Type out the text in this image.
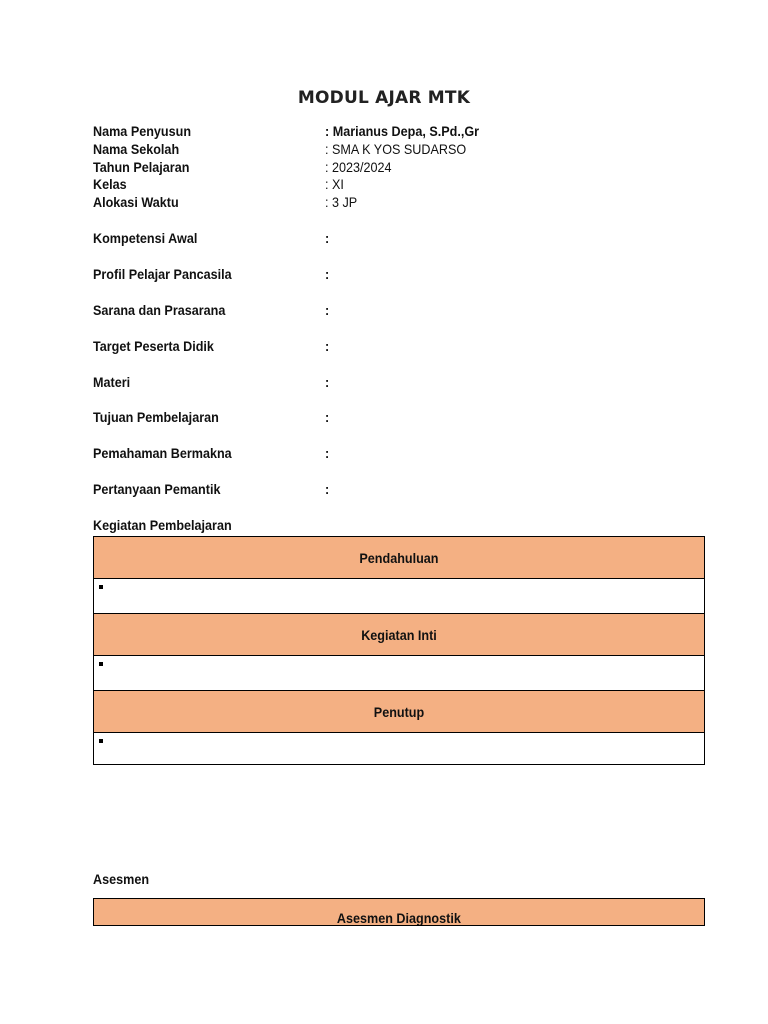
MODUL AJAR MTK
Nama Penyusun	: Marianus Depa, S.Pd.,Gr
Nama Sekolah	: SMA K YOS SUDARSO
Tahun Pelajaran	: 2023/2024
Kelas	: XI
Alokasi Waktu	: 3 JP
Kompetensi Awal	:
Profil Pelajar Pancasila	:
Sarana dan Prasarana	:
Target Peserta Didik	:
Materi	:
Tujuan Pembelajaran	:
Pemahaman Bermakna	:
Pertanyaan Pemantik	:
Kegiatan Pembelajaran
Pendahuluan
Kegiatan Inti
Penutup
Asesmen
Asesmen Diagnostik
